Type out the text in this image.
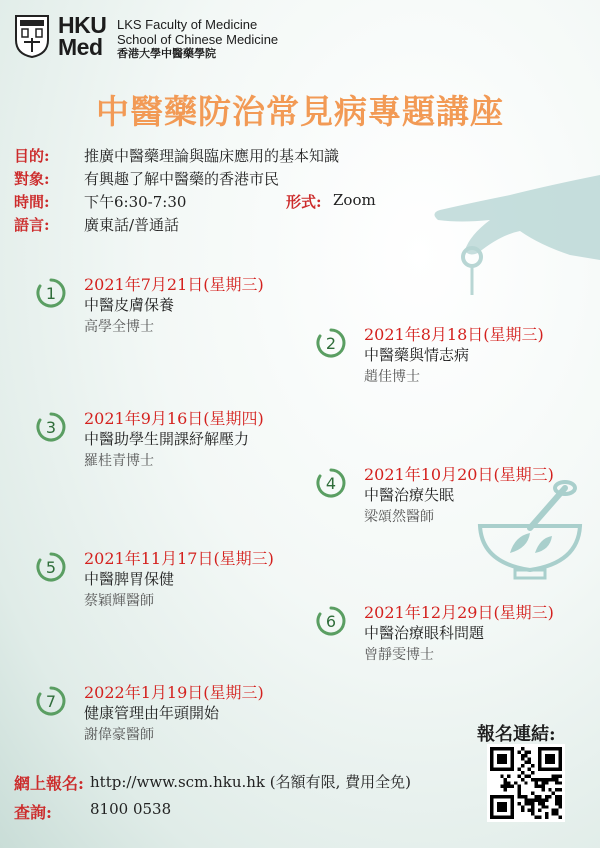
HKU
Med
LKS Faculty of Medicine
School of Chinese Medicine
香港大學中醫藥學院
中醫藥防治常見病專題講座
目的: 推廣中醫藥理論與臨床應用的基本知識
對象: 有興趣了解中醫藥的香港市民
時間: 下午6:30-7:30	形式: Zoom
語言: 廣東話/普通話
1 2021年7月21日(星期三)
中醫皮膚保養
高學全博士
2 2021年8月18日(星期三)
中醫藥與情志病
趙佳博士
3 2021年9月16日(星期四)
中醫助學生開課紓解壓力
羅桂青博士
4 2021年10月20日(星期三)
中醫治療失眠
梁頌然醫師
5 2021年11月17日(星期三)
中醫脾胃保健
蔡穎輝醫師
6 2021年12月29日(星期三)
中醫治療眼科問題
曾靜雯博士
7 2022年1月19日(星期三)
健康管理由年頭開始
謝偉豪醫師	報名連結:
網上報名: http://www.scm.hku.hk (名額有限, 費用全免)
查詢:	8100 0538
